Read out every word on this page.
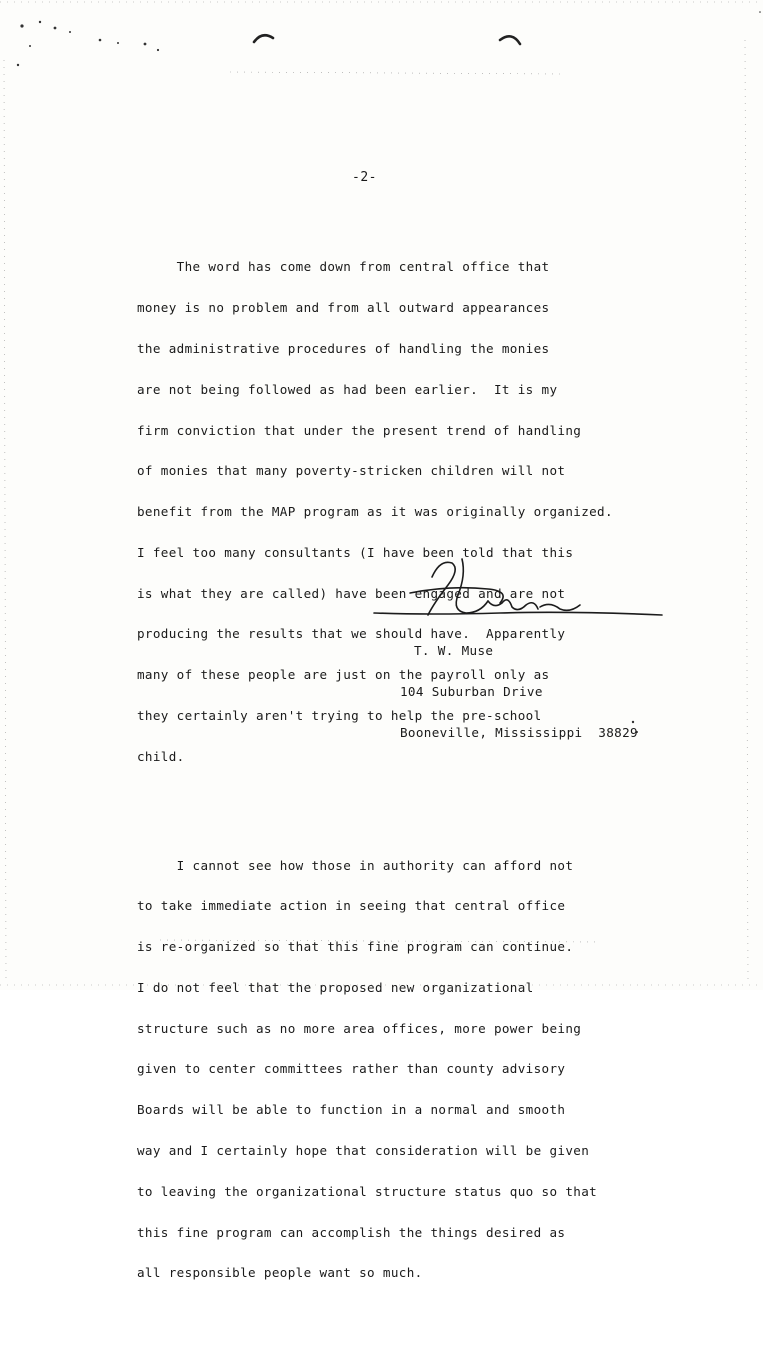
-2-

The word has come down from central office that

money is no problem and from all outward appearances

the administrative procedures of handling the monies

are not being followed as had been earlier.  It is my

firm conviction that under the present trend of handling

of monies that many poverty-stricken children will not

benefit from the MAP program as it was originally organized.

I feel too many consultants (I have been told that this

is what they are called) have been engaged and are not

producing the results that we should have.  Apparently

many of these people are just on the payroll only as

they certainly aren't trying to help the pre-school

child.

I cannot see how those in authority can afford not

to take immediate action in seeing that central office

is re-organized so that this fine program can continue.

I do not feel that the proposed new organizational

structure such as no more area offices, more power being

given to center committees rather than county advisory

Boards will be able to function in a normal and smooth

way and I certainly hope that consideration will be given

to leaving the organizational structure status quo so that

this fine program can accomplish the things desired as

all responsible people want so much.

T. W. Muse

104 Suburban Drive

Booneville, Mississippi  38829
